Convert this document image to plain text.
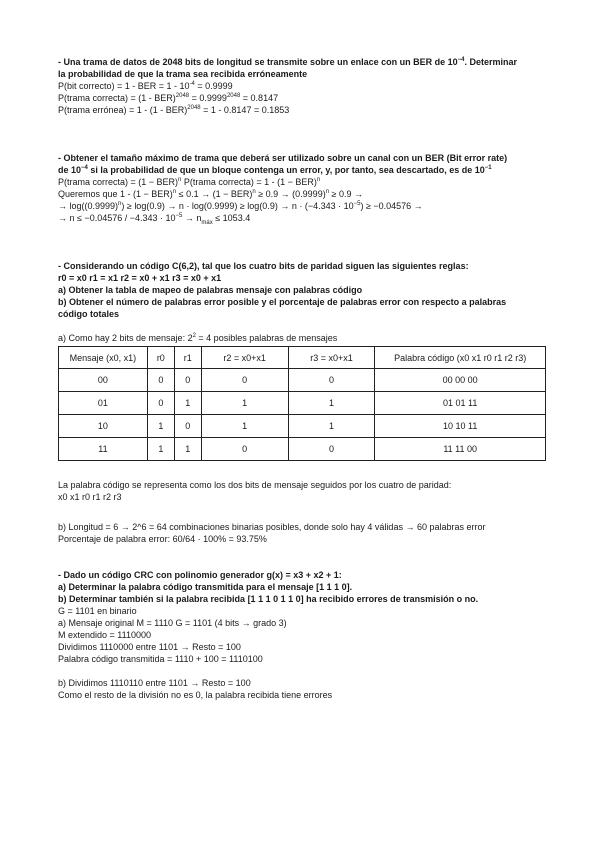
- Una trama de datos de 2048 bits de longitud se transmite sobre un enlace con un BER de $10^{-4}$. Determinar
la probabilidad de que la trama sea recibida erróneamente
P(bit correcto) = 1 - BER = $1 - 10^{-4} = 0.9999$
P(trama correcta) = $(1 - BER)^{2048} = 0.9999^{2048} = 0.8147$
P(trama errónea) = 1 - (1 - BER)$^{2048}$ = 1 - 0.8147 = 0.1853
- Obtener el tamaño máximo de trama que deberá ser utilizado sobre un canal con un BER (Bit error rate)
de $10^{-4}$ si la probabilidad de que un bloque contenga un error, y, por tanto, sea descartado, es de $10^{-1}$
P(trama correcta) = (1 − BER)$^n$ P(trama correcta) = 1 - (1 − BER)$^n$
Queremos que $1 - (1 - BER)^n \le 0.1 \to (1 - BER)^n \ge 0.9 \to (0.9999)^n \ge 0.9$ →
→ $\log((0.9999)^n) \ge \log(0.9) \to n \cdot \log(0.9999) \ge \log(0.9) \to n \cdot (-4.343 \cdot 10^{-5}) \ge -0.04576$ →
→ $n \le -0.04576 / -4.343 \cdot 10^{-5} \to n_{máx} \le 1053.4$
- Considerando un código C(6,2), tal que los cuatro bits de paridad siguen las siguientes reglas:
r0 = x0 r1 = x1 r2 = x0 + x1 r3 = x0 + x1
a) Obtener la tabla de mapeo de palabras mensaje con palabras código
b) Obtener el número de palabras error posible y el porcentaje de palabras error con respecto a palabras
código totales
a) Como hay 2 bits de mensaje: $2^2 = 4$ posibles palabras de mensajes
Mensaje (x0, x1)	r0	r1	r2 = x0+x1	r3 = x0+x1	Palabra código (x0 x1 r0 r1 r2 r3)
00	0	0	0	0	00 00 00
01	0	1	1	1	01 01 11
10	1	0	1	1	10 10 11
11	1	1	0	0	11 11 00
La palabra código se representa como los dos bits de mensaje seguidos por los cuatro de paridad:
x0 x1 r0 r1 r2 r3
b) Longitud = 6 → 2^6 = 64 combinaciones binarias posibles, donde solo hay 4 válidas → 60 palabras error
Porcentaje de palabra error: 60/64 · 100% = 93.75%
- Dado un código CRC con polinomio generador g(x) = x3 + x2 + 1:
a) Determinar la palabra código transmitida para el mensaje [1 1 1 0].
b) Determinar también si la palabra recibida [1 1 1 0 1 1 0] ha recibido errores de transmisión o no.
G = 1101 en binario
a) Mensaje original M = 1110 G = 1101 (4 bits → grado 3)
M extendido = 1110000
Dividimos 1110000 entre 1101 → Resto = 100
Palabra código transmitida = 1110 + 100 = 1110100
b) Dividimos 1110110 entre 1101 → Resto = 100
Como el resto de la división no es 0, la palabra recibida tiene errores
